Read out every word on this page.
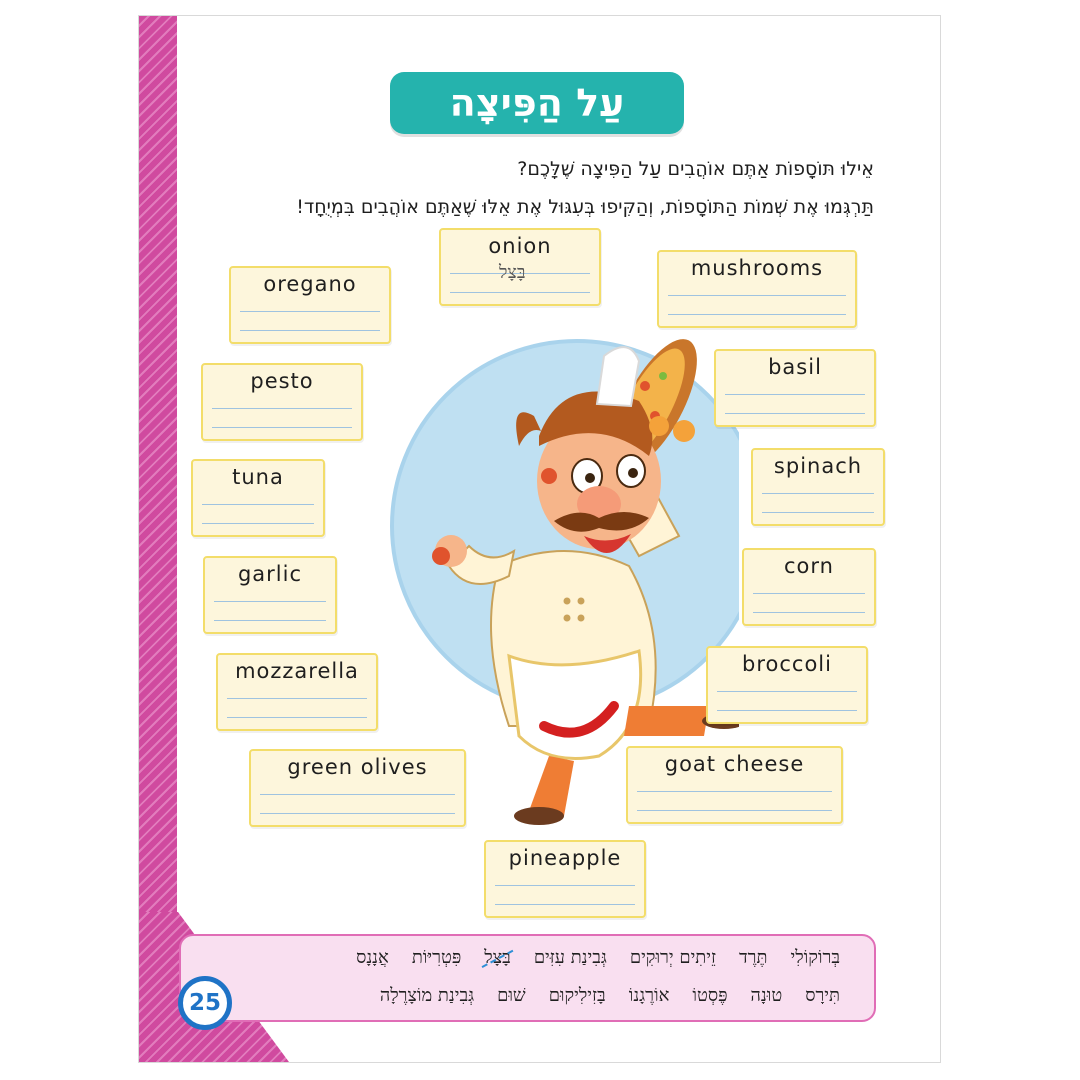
עַל הַפִּיצָה
אֵילוּ תּוֹסָפוֹת אַתֶּם אוֹהֲבִים עַל הַפִּיצָה שֶׁלָּכֶם?
תַּרְגְּמוּ אֶת שְׁמוֹת הַתּוֹסָפוֹת, וְהַקִּיפוּ בְּעִגּוּל אֶת אֵלּוּ שֶׁאַתֶּם אוֹהֲבִים בִּמְיֻחָד!
onion
בָּצָל	mushrooms
oregano
pesto
basil
tuna	spinach
garlic	corn
mozzarella	broccoli
green olives	goat cheese
pineapple
בְּרוֹקוֹלִי
תֶּרֶד
זֵיתִים יְרוּקִים
גְּבִינַת עִזִּים
בָּצָל
פִּטְרִיּוֹת
אֲנָנָס
תִּירָס
טוּנָה
פֶּסְטוֹ
אוֹרֶגָנוֹ
בָּזִילִיקוּם
שׁוּם
גְּבִינַת מוֹצָרֶלָה
25
